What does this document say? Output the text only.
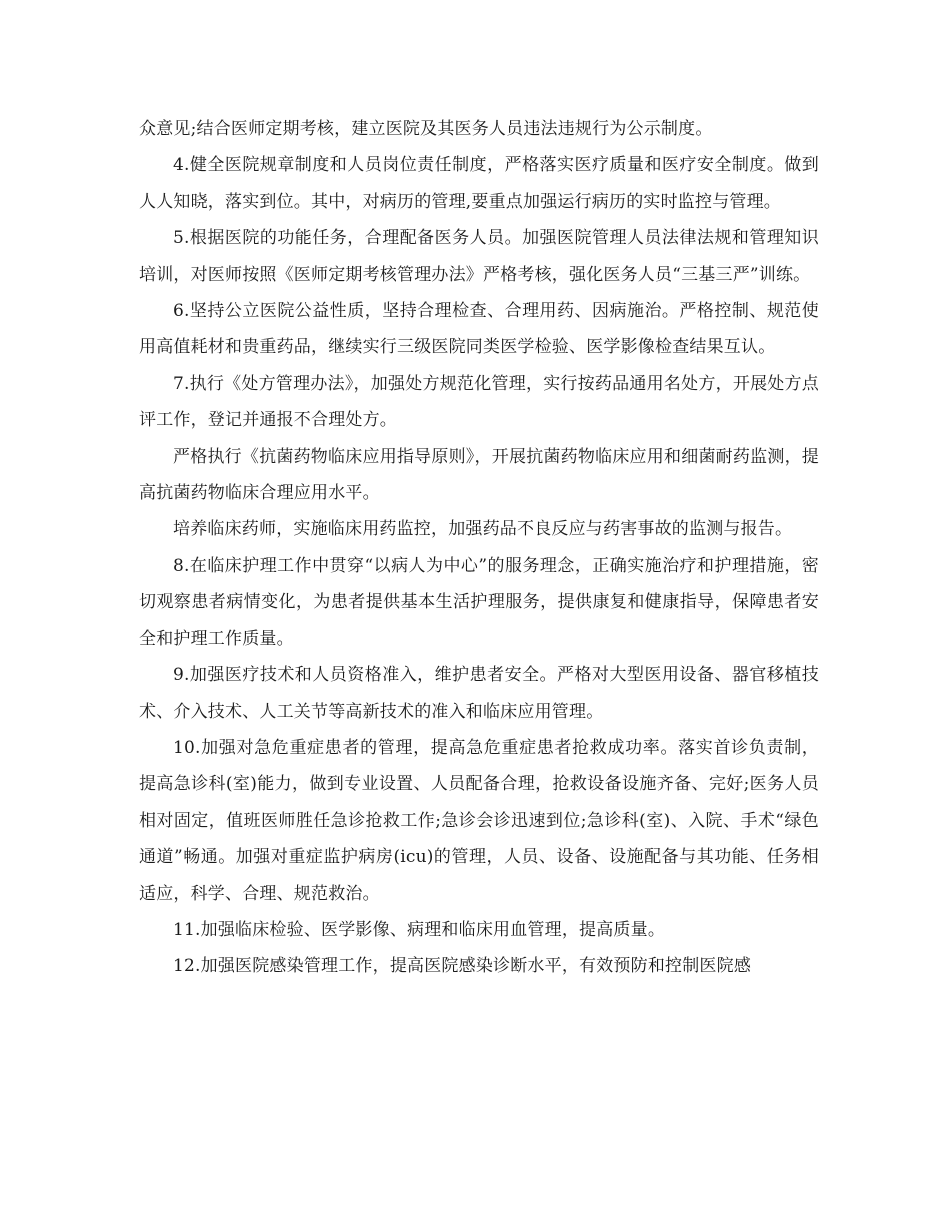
众意见;结合医师定期考核，建立医院及其医务人员违法违规行为公示制度。

4.健全医院规章制度和人员岗位责任制度，严格落实医疗质量和医疗安全制度。做到人人知晓，落实到位。其中，对病历的管理,要重点加强运行病历的实时监控与管理。

5.根据医院的功能任务，合理配备医务人员。加强医院管理人员法律法规和管理知识培训，对医师按照《医师定期考核管理办法》严格考核，强化医务人员“三基三严”训练。

6.坚持公立医院公益性质，坚持合理检查、合理用药、因病施治。严格控制、规范使用高值耗材和贵重药品，继续实行三级医院同类医学检验、医学影像检查结果互认。

7.执行《处方管理办法》，加强处方规范化管理，实行按药品通用名处方，开展处方点评工作，登记并通报不合理处方。

严格执行《抗菌药物临床应用指导原则》，开展抗菌药物临床应用和细菌耐药监测，提高抗菌药物临床合理应用水平。

培养临床药师，实施临床用药监控，加强药品不良反应与药害事故的监测与报告。

8.在临床护理工作中贯穿“以病人为中心”的服务理念，正确实施治疗和护理措施，密切观察患者病情变化，为患者提供基本生活护理服务，提供康复和健康指导，保障患者安全和护理工作质量。

9.加强医疗技术和人员资格准入，维护患者安全。严格对大型医用设备、器官移植技术、介入技术、人工关节等高新技术的准入和临床应用管理。

10.加强对急危重症患者的管理，提高急危重症患者抢救成功率。落实首诊负责制，提高急诊科(室)能力，做到专业设置、人员配备合理，抢救设备设施齐备、完好;医务人员相对固定，值班医师胜任急诊抢救工作;急诊会诊迅速到位;急诊科(室)、入院、手术“绿色通道”畅通。加强对重症监护病房(icu)的管理，人员、设备、设施配备与其功能、任务相适应，科学、合理、规范救治。

11.加强临床检验、医学影像、病理和临床用血管理，提高质量。

12.加强医院感染管理工作，提高医院感染诊断水平，有效预防和控制医院感
